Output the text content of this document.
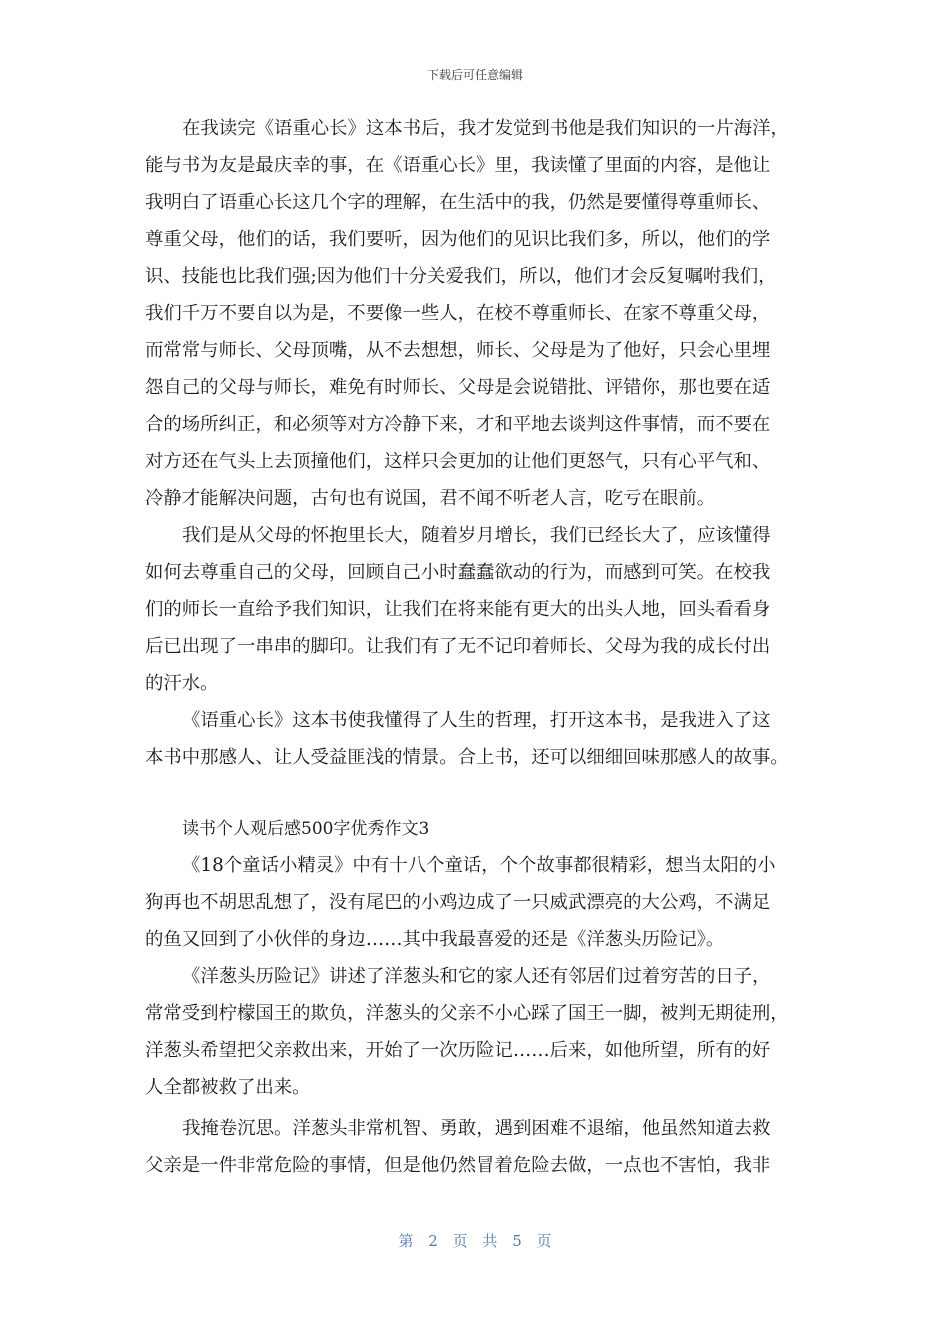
下载后可任意编辑
在我读完《语重心长》这本书后，我才发觉到书他是我们知识的一片海洋，
能与书为友是最庆幸的事，在《语重心长》里，我读懂了里面的内容，是他让
我明白了语重心长这几个字的理解，在生活中的我，仍然是要懂得尊重师长、
尊重父母，他们的话，我们要听，因为他们的见识比我们多，所以，他们的学
识、技能也比我们强;因为他们十分关爱我们，所以，他们才会反复嘱咐我们，
我们千万不要自以为是，不要像一些人，在校不尊重师长、在家不尊重父母，
而常常与师长、父母顶嘴，从不去想想，师长、父母是为了他好，只会心里埋
怨自己的父母与师长，难免有时师长、父母是会说错批、评错你，那也要在适
合的场所纠正，和必须等对方冷静下来，才和平地去谈判这件事情，而不要在
对方还在气头上去顶撞他们，这样只会更加的让他们更怒气，只有心平气和、
冷静才能解决问题，古句也有说国，君不闻不听老人言，吃亏在眼前。
我们是从父母的怀抱里长大，随着岁月增长，我们已经长大了，应该懂得
如何去尊重自己的父母，回顾自己小时蠢蠢欲动的行为，而感到可笑。在校我
们的师长一直给予我们知识，让我们在将来能有更大的出头人地，回头看看身
后已出现了一串串的脚印。让我们有了无不记印着师长、父母为我的成长付出
的汗水。
《语重心长》这本书使我懂得了人生的哲理，打开这本书，是我进入了这
本书中那感人、让人受益匪浅的情景。合上书，还可以细细回味那感人的故事。
读书个人观后感500字优秀作文3
《18个童话小精灵》中有十八个童话，个个故事都很精彩，想当太阳的小
狗再也不胡思乱想了，没有尾巴的小鸡边成了一只威武漂亮的大公鸡，不满足
的鱼又回到了小伙伴的身边……其中我最喜爱的还是《洋葱头历险记》。
《洋葱头历险记》讲述了洋葱头和它的家人还有邻居们过着穷苦的日子，
常常受到柠檬国王的欺负，洋葱头的父亲不小心踩了国王一脚，被判无期徒刑，
洋葱头希望把父亲救出来，开始了一次历险记……后来，如他所望，所有的好
人全都被救了出来。
我掩卷沉思。洋葱头非常机智、勇敢，遇到困难不退缩，他虽然知道去救
父亲是一件非常危险的事情，但是他仍然冒着危险去做，一点也不害怕，我非
第 2 页 共 5 页
